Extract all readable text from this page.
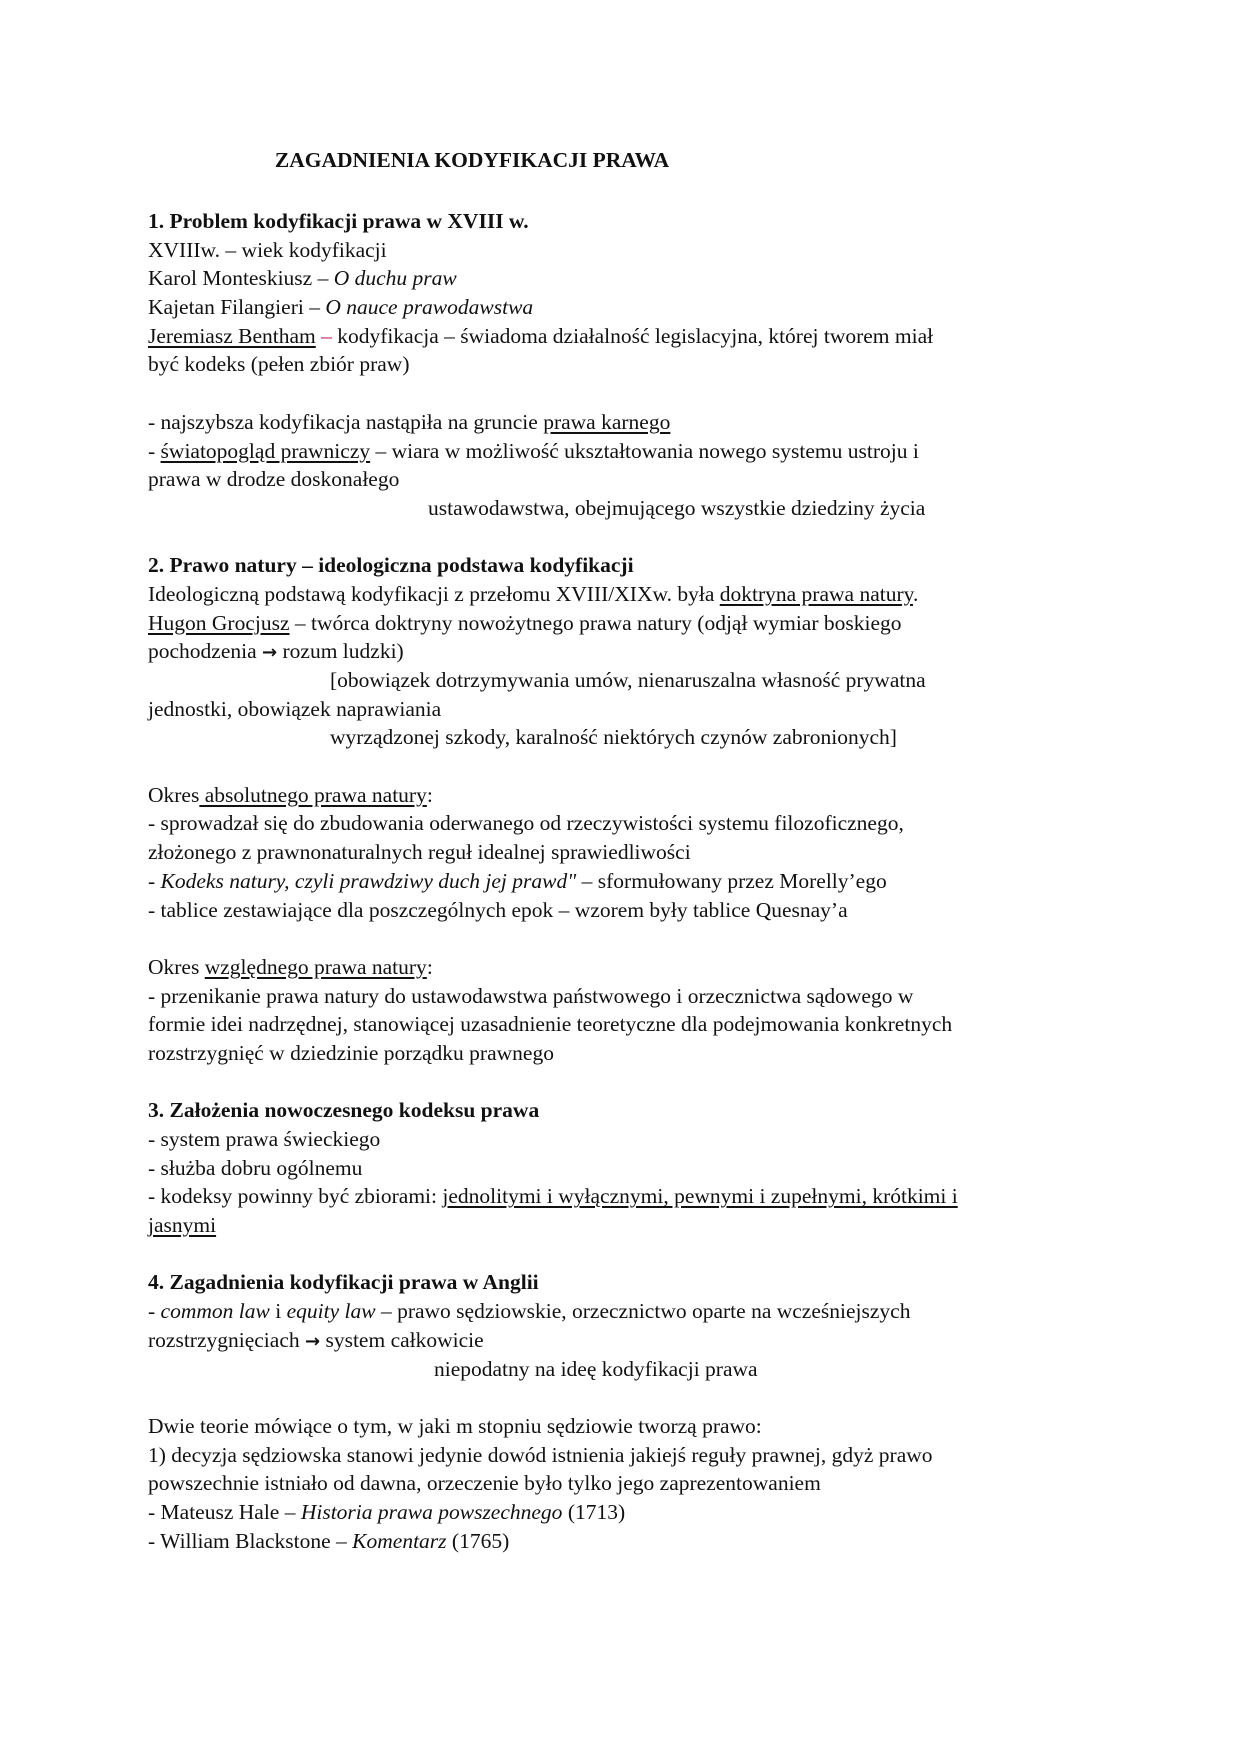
ZAGADNIENIA KODYFIKACJI PRAWA
1. Problem kodyfikacji prawa w XVIII w.
XVIIIw. – wiek kodyfikacji
Karol Monteskiusz – O duchu praw
Kajetan Filangieri – O nauce prawodawstwa
Jeremiasz Bentham – kodyfikacja – świadoma działalność legislacyjna, której tworem miał
być kodeks (pełen zbiór praw)
- najszybsza kodyfikacja nastąpiła na gruncie prawa karnego
- światopogląd prawniczy – wiara w możliwość ukształtowania nowego systemu ustroju i
prawa w drodze doskonałego
ustawodawstwa, obejmującego wszystkie dziedziny życia
2. Prawo natury – ideologiczna podstawa kodyfikacji
Ideologiczną podstawą kodyfikacji z przełomu XVIII/XIXw. była doktryna prawa natury.
Hugon Grocjusz – twórca doktryny nowożytnego prawa natury (odjął wymiar boskiego
pochodzenia → rozum ludzki)
[obowiązek dotrzymywania umów, nienaruszalna własność prywatna
jednostki, obowiązek naprawiania
wyrządzonej szkody, karalność niektórych czynów zabronionych]
Okres absolutnego prawa natury:
- sprowadzał się do zbudowania oderwanego od rzeczywistości systemu filozoficznego,
złożonego z prawnonaturalnych reguł idealnej sprawiedliwości
- Kodeks natury, czyli prawdziwy duch jej prawd" – sformułowany przez Morelly’ego
- tablice zestawiające dla poszczególnych epok – wzorem były tablice Quesnay’a
Okres względnego prawa natury:
- przenikanie prawa natury do ustawodawstwa państwowego i orzecznictwa sądowego w
formie idei nadrzędnej, stanowiącej uzasadnienie teoretyczne dla podejmowania konkretnych
rozstrzygnięć w dziedzinie porządku prawnego
3. Założenia nowoczesnego kodeksu prawa
- system prawa świeckiego
- służba dobru ogólnemu
- kodeksy powinny być zbiorami: jednolitymi i wyłącznymi, pewnymi i zupełnymi, krótkimi i
jasnymi
4. Zagadnienia kodyfikacji prawa w Anglii
- common law i equity law – prawo sędziowskie, orzecznictwo oparte na wcześniejszych
rozstrzygnięciach → system całkowicie
niepodatny na ideę kodyfikacji prawa
Dwie teorie mówiące o tym, w jaki m stopniu sędziowie tworzą prawo:
1) decyzja sędziowska stanowi jedynie dowód istnienia jakiejś reguły prawnej, gdyż prawo
powszechnie istniało od dawna, orzeczenie było tylko jego zaprezentowaniem
- Mateusz Hale – Historia prawa powszechnego (1713)
- William Blackstone – Komentarz (1765)
